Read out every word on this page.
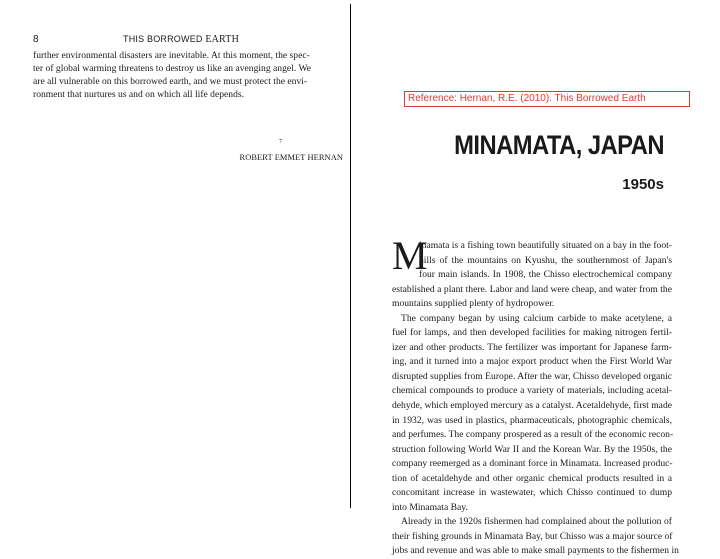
8	THIS BORROWED EARTH
further environmental disasters are inevitable. At this moment, the spec-
ter of global warming threatens to destroy us like an avenging angel. We
are all vulnerable on this borrowed earth, and we must protect the envi-
ronment that nurtures us and on which all life depends.
7
ROBERT EMMET HERNAN
Reference: Hernan, R.E. (2010). This Borrowed Earth
MINAMATA, JAPAN
1950s
M
inamata is a fishing town beautifully situated on a bay in the foot-
hills of the mountains on Kyushu, the southernmost of Japan's
four main islands. In 1908, the Chisso electrochemical company
established a plant there. Labor and land were cheap, and water from the
mountains supplied plenty of hydropower.
The company began by using calcium carbide to make acetylene, a
fuel for lamps, and then developed facilities for making nitrogen fertil-
izer and other products. The fertilizer was important for Japanese farm-
ing, and it turned into a major export product when the First World War
disrupted supplies from Europe. After the war, Chisso developed organic
chemical compounds to produce a variety of materials, including acetal-
dehyde, which employed mercury as a catalyst. Acetaldehyde, first made
in 1932, was used in plastics, pharmaceuticals, photographic chemicals,
and perfumes. The company prospered as a result of the economic recon-
struction following World War II and the Korean War. By the 1950s, the
company reemerged as a dominant force in Minamata. Increased produc-
tion of acetaldehyde and other organic chemical products resulted in a
concomitant increase in wastewater, which Chisso continued to dump
into Minamata Bay.
Already in the 1920s fishermen had complained about the pollution of
their fishing grounds in Minamata Bay, but Chisso was a major source of
jobs and revenue and was able to make small payments to the fishermen in
